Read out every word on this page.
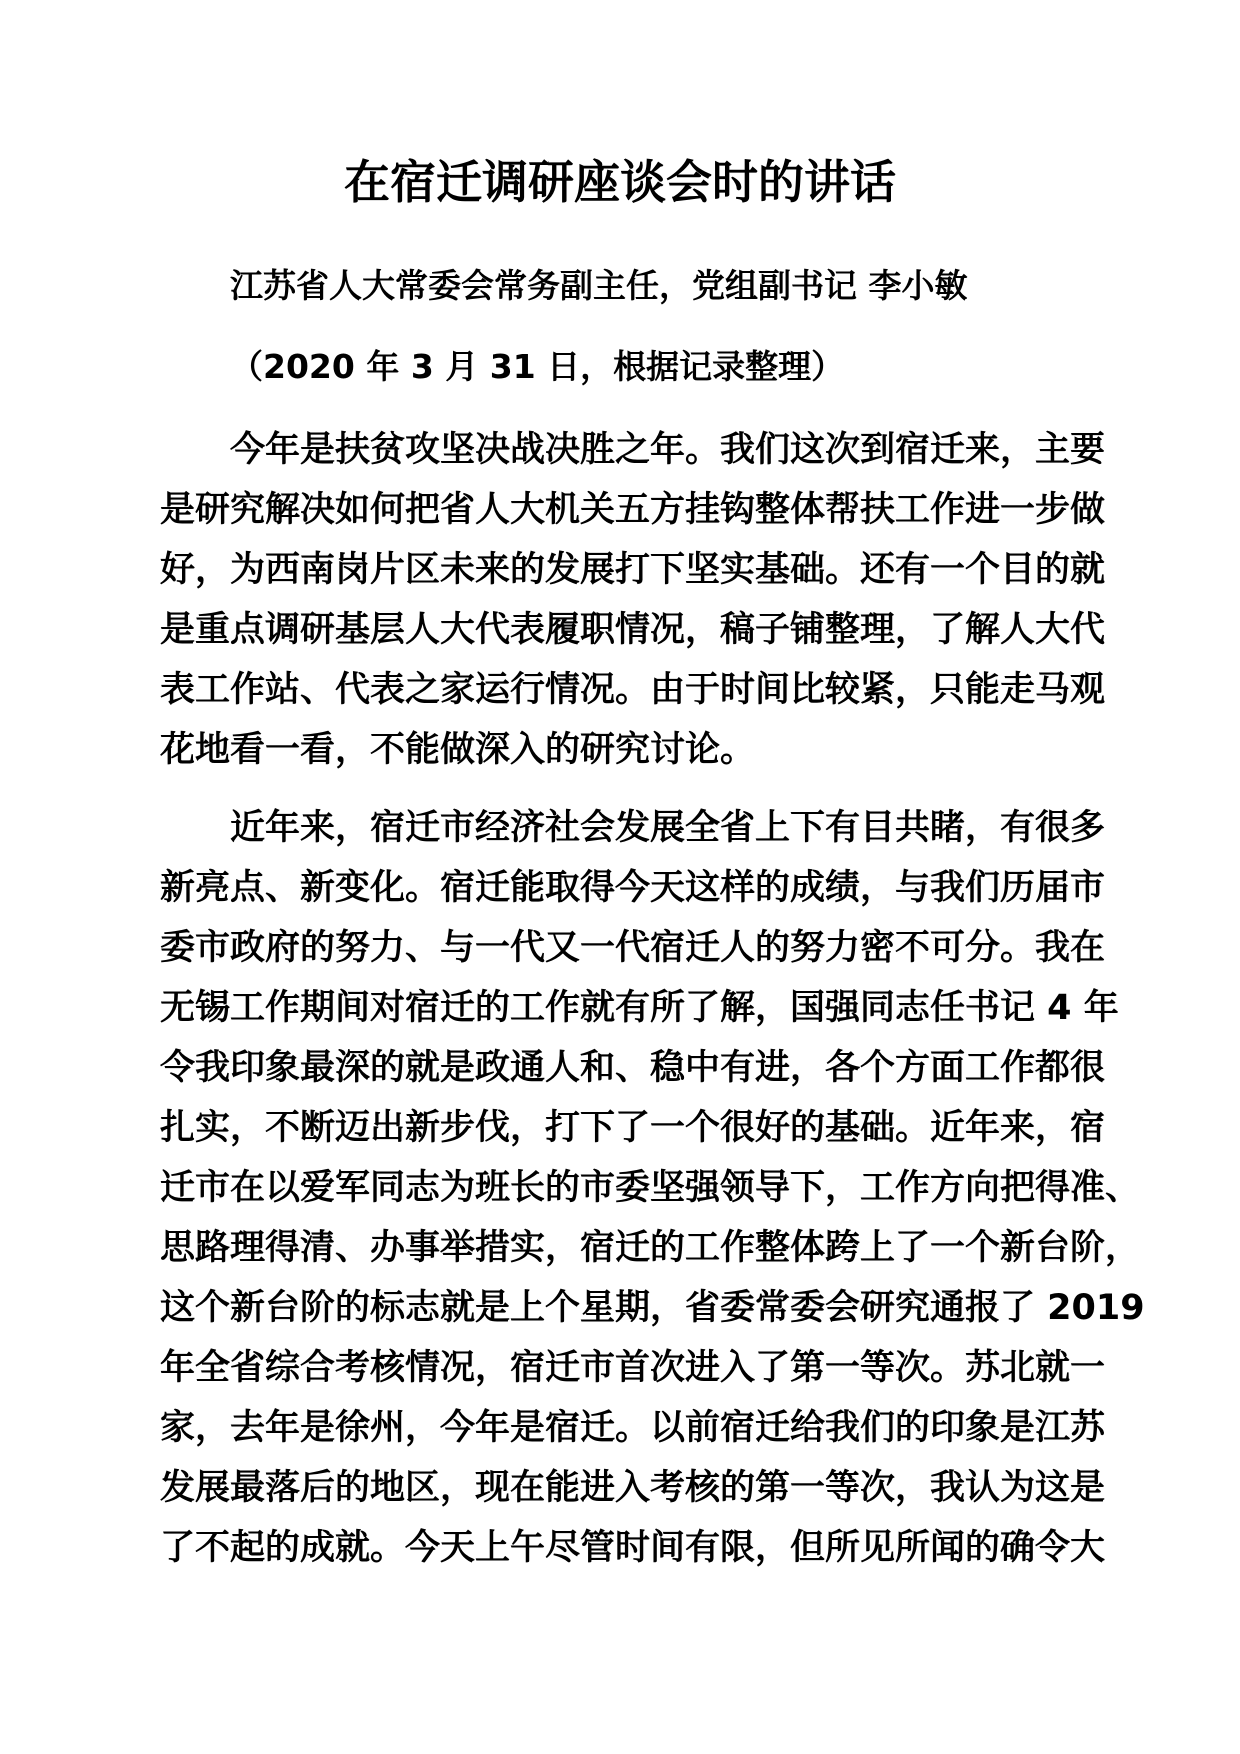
在宿迁调研座谈会时的讲话
江苏省人大常委会常务副主任，党组副书记 李小敏
（2020 年 3 月 31 日，根据记录整理）

　　今年是扶贫攻坚决战决胜之年。我们这次到宿迁来，主要
是研究解决如何把省人大机关五方挂钩整体帮扶工作进一步做
好，为西南岗片区未来的发展打下坚实基础。还有一个目的就
是重点调研基层人大代表履职情况，稿子铺整理，了解人大代
表工作站、代表之家运行情况。由于时间比较紧，只能走马观
花地看一看，不能做深入的研究讨论。

　　近年来，宿迁市经济社会发展全省上下有目共睹，有很多
新亮点、新变化。宿迁能取得今天这样的成绩，与我们历届市
委市政府的努力、与一代又一代宿迁人的努力密不可分。我在
无锡工作期间对宿迁的工作就有所了解，国强同志任书记 4 年
令我印象最深的就是政通人和、稳中有进，各个方面工作都很
扎实，不断迈出新步伐，打下了一个很好的基础。近年来，宿
迁市在以爱军同志为班长的市委坚强领导下，工作方向把得准、
思路理得清、办事举措实，宿迁的工作整体跨上了一个新台阶，
这个新台阶的标志就是上个星期，省委常委会研究通报了 2019
年全省综合考核情况，宿迁市首次进入了第一等次。苏北就一
家，去年是徐州，今年是宿迁。以前宿迁给我们的印象是江苏
发展最落后的地区，现在能进入考核的第一等次，我认为这是
了不起的成就。今天上午尽管时间有限，但所见所闻的确令大
